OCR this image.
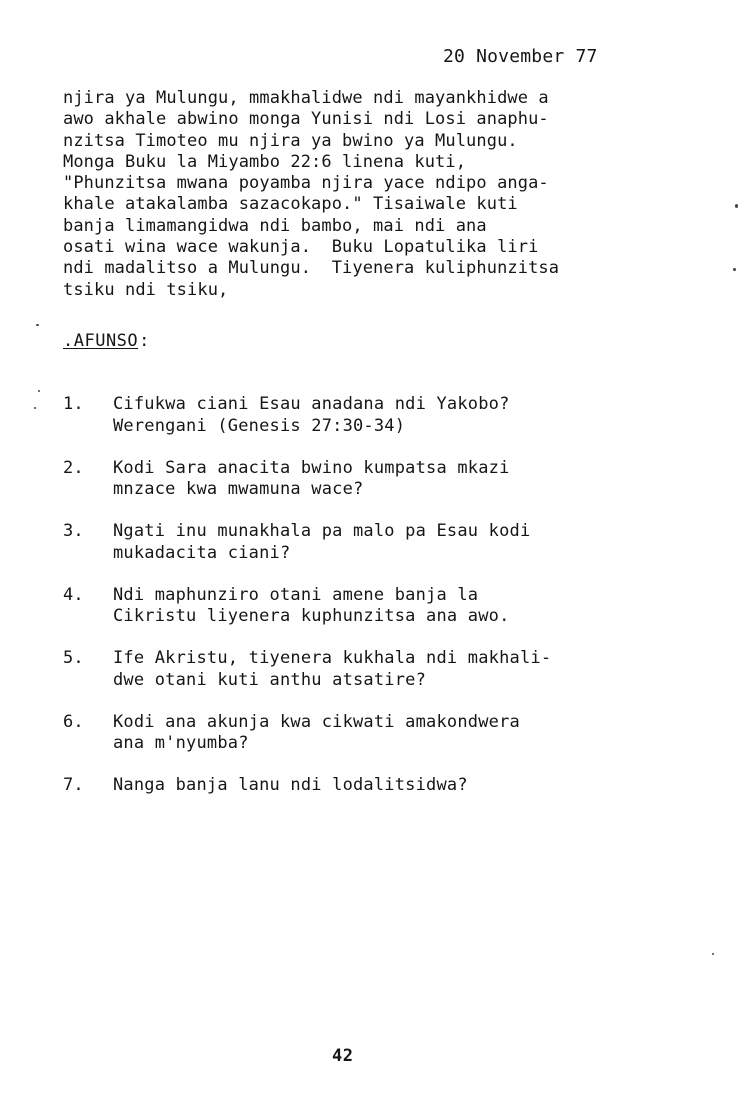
20 November 77
njira ya Mulungu, mmakhalidwe ndi mayankhidwe a
awo akhale abwino monga Yunisi ndi Losi anaphu-
nzitsa Timoteo mu njira ya bwino ya Mulungu.
Monga Buku la Miyambo 22:6 linena kuti,
"Phunzitsa mwana poyamba njira yace ndipo anga-
khale atakalamba sazacokapo." Tisaiwale kuti
banja limamangidwa ndi bambo, mai ndi ana
osati wina wace wakunja.  Buku Lopatulika liri
ndi madalitso a Mulungu.  Tiyenera kuliphunzitsa
tsiku ndi tsiku,
.AFUNSO:
1.	Cifukwa ciani Esau anadana ndi Yakobo?
Werengani (Genesis 27:30-34)
2.	Kodi Sara anacita bwino kumpatsa mkazi
mnzace kwa mwamuna wace?
3.	Ngati inu munakhala pa malo pa Esau kodi
mukadacita ciani?
4.	Ndi maphunziro otani amene banja la
Cikristu liyenera kuphunzitsa ana awo.
5.	Ife Akristu, tiyenera kukhala ndi makhali-
dwe otani kuti anthu atsatire?
6.	Kodi ana akunja kwa cikwati amakondwera
ana m'nyumba?
7.	Nanga banja lanu ndi lodalitsidwa?
42
